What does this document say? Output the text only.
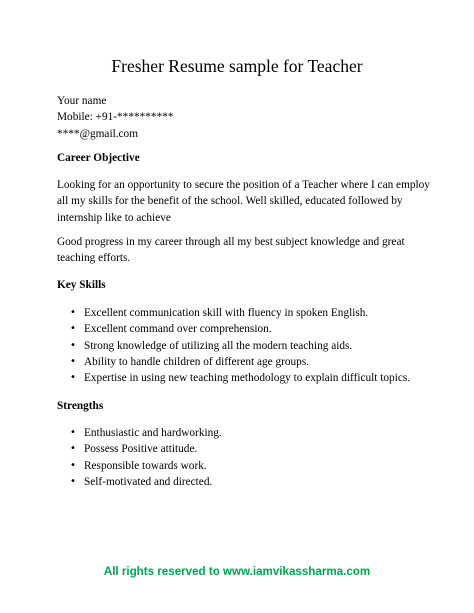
Fresher Resume sample for Teacher
Your name
Mobile: +91-**********
****@gmail.com
Career Objective
Looking for an opportunity to secure the position of a Teacher where I can employ
all my skills for the benefit of the school. Well skilled, educated followed by
internship like to achieve
Good progress in my career through all my best subject knowledge and great
teaching efforts.
Key Skills
• Excellent communication skill with fluency in spoken English.
• Excellent command over comprehension.
• Strong knowledge of utilizing all the modern teaching aids.
• Ability to handle children of different age groups.
• Expertise in using new teaching methodology to explain difficult topics.
Strengths
• Enthusiastic and hardworking.
• Possess Positive attitude.
• Responsible towards work.
• Self-motivated and directed.
All rights reserved to www.iamvikassharma.com
